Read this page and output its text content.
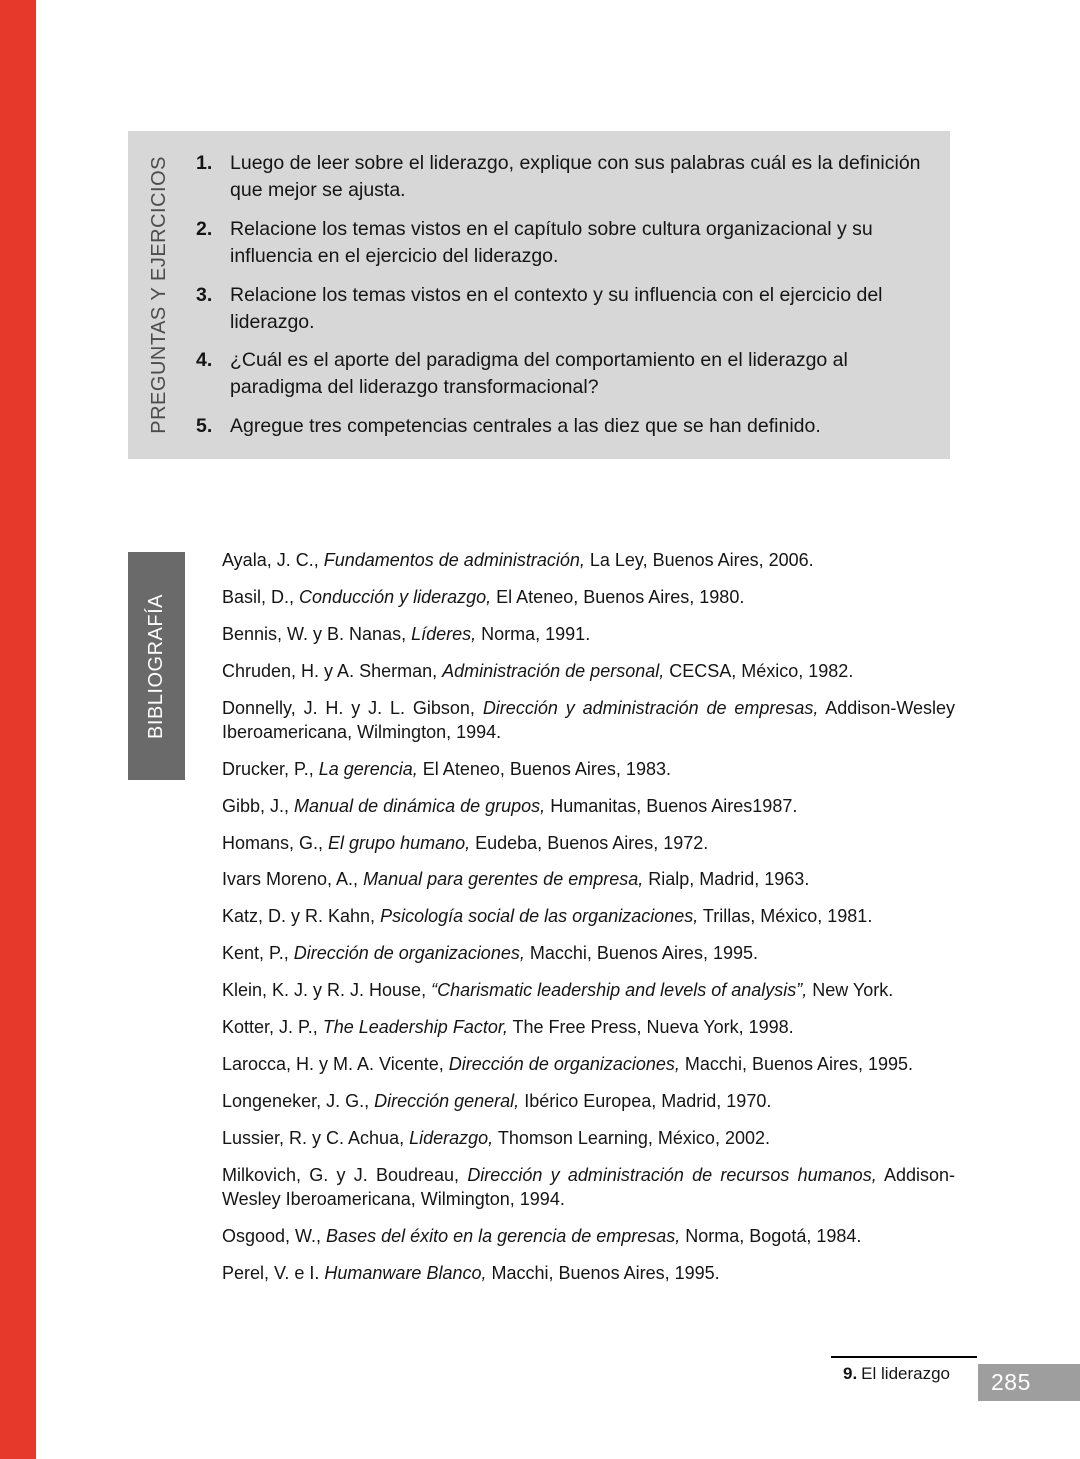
PREGUNTAS Y EJERCICIOS 1. Luego de leer sobre el liderazgo, explique con sus palabras cuál es la definición que mejor se ajusta.
2. Relacione los temas vistos en el capítulo sobre cultura organizacional y su influencia en el ejercicio del liderazgo.
3. Relacione los temas vistos en el contexto y su influencia con el ejercicio del liderazgo.
4. ¿Cuál es el aporte del paradigma del comportamiento en el liderazgo al paradigma del liderazgo transformacional?
5. Agregue tres competencias centrales a las diez que se han definido.
BIBLIOGRAFÍA

Ayala, J. C., Fundamentos de administración, La Ley, Buenos Aires, 2006.

Basil, D., Conducción y liderazgo, El Ateneo, Buenos Aires, 1980.

Bennis, W. y B. Nanas, Líderes, Norma, 1991.

Chruden, H. y A. Sherman, Administración de personal, CECSA, México, 1982.

Donnelly, J. H. y J. L. Gibson, Dirección y administración de empresas, Addison-Wesley Iberoamericana, Wilmington, 1994.

Drucker, P., La gerencia, El Ateneo, Buenos Aires, 1983.

Gibb, J., Manual de dinámica de grupos, Humanitas, Buenos Aires1987.

Homans, G., El grupo humano, Eudeba, Buenos Aires, 1972.

Ivars Moreno, A., Manual para gerentes de empresa, Rialp, Madrid, 1963.

Katz, D. y R. Kahn, Psicología social de las organizaciones, Trillas, México, 1981.

Kent, P., Dirección de organizaciones, Macchi, Buenos Aires, 1995.

Klein, K. J. y R. J. House, “Charismatic leadership and levels of analysis”, New York.

Kotter, J. P., The Leadership Factor, The Free Press, Nueva York, 1998.

Larocca, H. y M. A. Vicente, Dirección de organizaciones, Macchi, Buenos Aires, 1995.

Longeneker, J. G., Dirección general, Ibérico Europea, Madrid, 1970.

Lussier, R. y C. Achua, Liderazgo, Thomson Learning, México, 2002.

Milkovich, G. y J. Boudreau, Dirección y administración de recursos humanos, Addison-Wesley Iberoamericana, Wilmington, 1994.

Osgood, W., Bases del éxito en la gerencia de empresas, Norma, Bogotá, 1984.

Perel, V. e I. Humanware Blanco, Macchi, Buenos Aires, 1995.

9. El liderazgo	285
